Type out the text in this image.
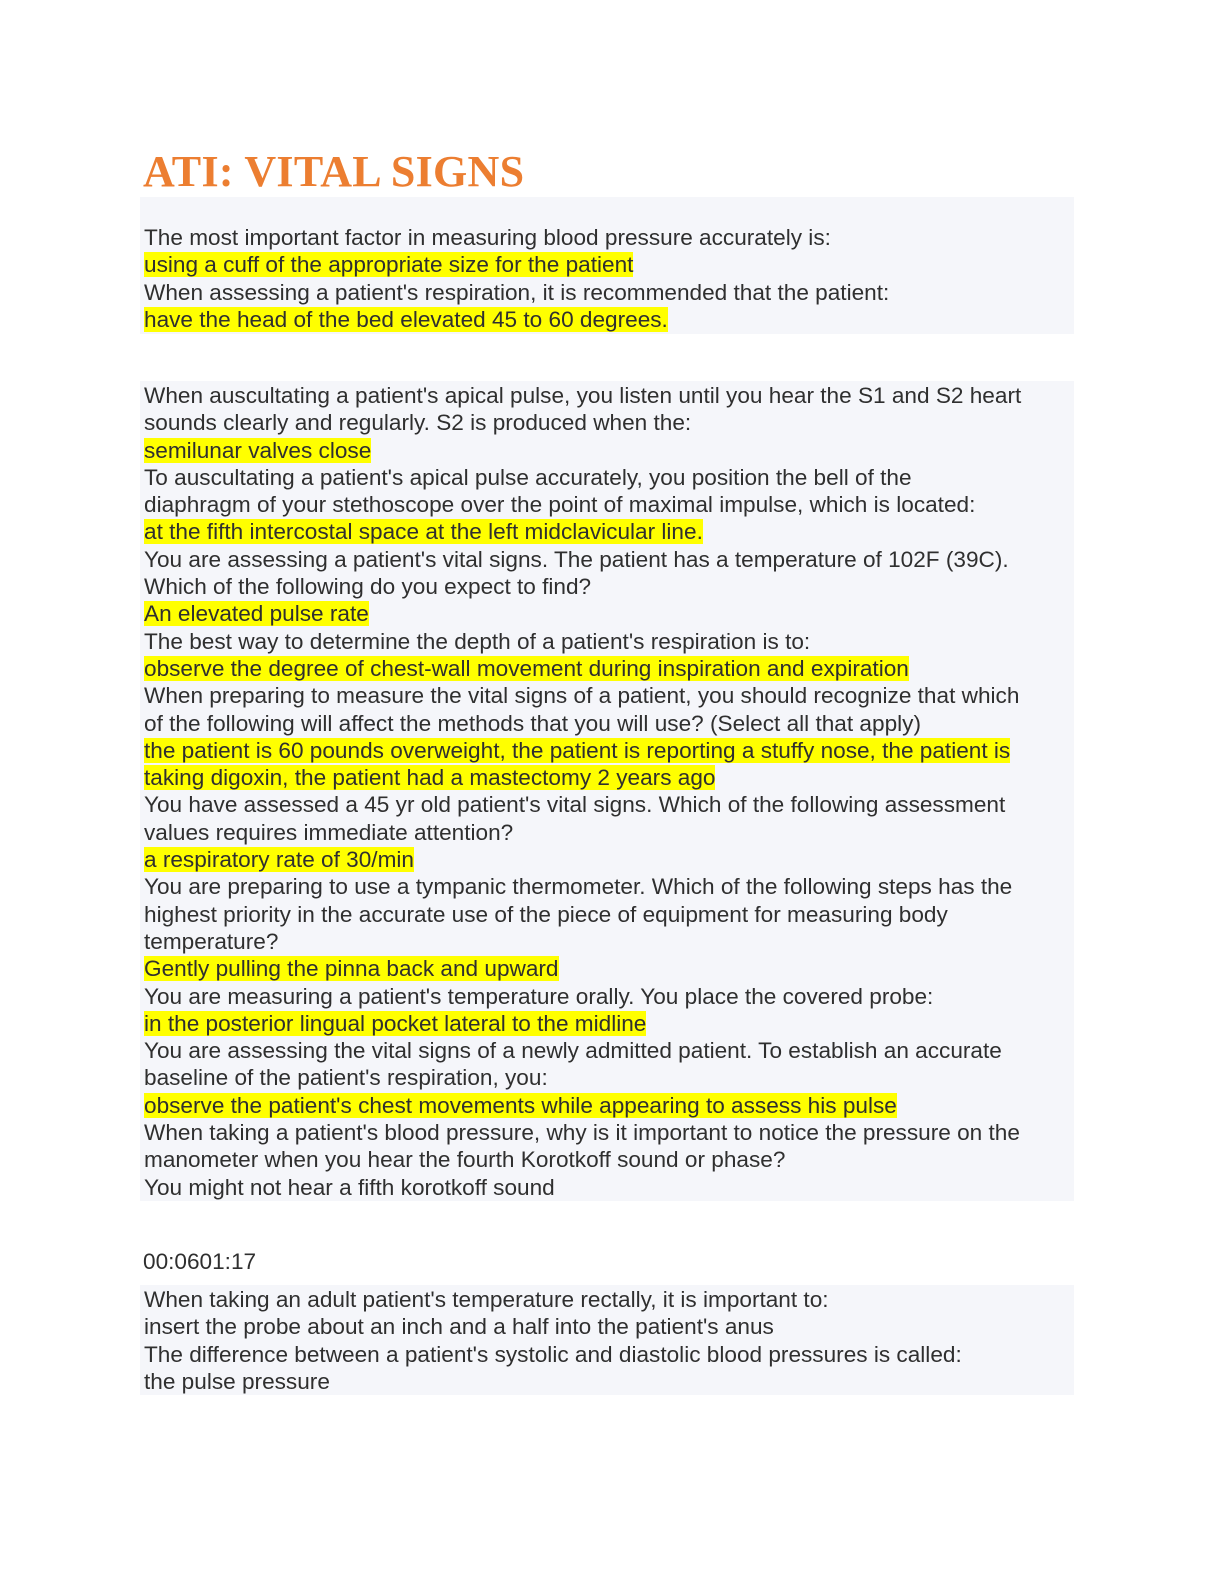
ATI: VITAL SIGNS
The most important factor in measuring blood pressure accurately is:
using a cuff of the appropriate size for the patient
When assessing a patient's respiration, it is recommended that the patient:
have the head of the bed elevated 45 to 60 degrees.
When auscultating a patient's apical pulse, you listen until you hear the S1 and S2 heart
sounds clearly and regularly. S2 is produced when the:
semilunar valves close
To auscultating a patient's apical pulse accurately, you position the bell of the
diaphragm of your stethoscope over the point of maximal impulse, which is located:
at the fifth intercostal space at the left midclavicular line.
You are assessing a patient's vital signs. The patient has a temperature of 102F (39C).
Which of the following do you expect to find?
An elevated pulse rate
The best way to determine the depth of a patient's respiration is to:
observe the degree of chest-wall movement during inspiration and expiration
When preparing to measure the vital signs of a patient, you should recognize that which
of the following will affect the methods that you will use? (Select all that apply)
the patient is 60 pounds overweight, the patient is reporting a stuffy nose, the patient is
taking digoxin, the patient had a mastectomy 2 years ago
You have assessed a 45 yr old patient's vital signs. Which of the following assessment
values requires immediate attention?
a respiratory rate of 30/min
You are preparing to use a tympanic thermometer. Which of the following steps has the
highest priority in the accurate use of the piece of equipment for measuring body
temperature?
Gently pulling the pinna back and upward
You are measuring a patient's temperature orally. You place the covered probe:
in the posterior lingual pocket lateral to the midline
You are assessing the vital signs of a newly admitted patient. To establish an accurate
baseline of the patient's respiration, you:
observe the patient's chest movements while appearing to assess his pulse
When taking a patient's blood pressure, why is it important to notice the pressure on the
manometer when you hear the fourth Korotkoff sound or phase?
You might not hear a fifth korotkoff sound
00:0601:17
When taking an adult patient's temperature rectally, it is important to:
insert the probe about an inch and a half into the patient's anus
The difference between a patient's systolic and diastolic blood pressures is called:
the pulse pressure
